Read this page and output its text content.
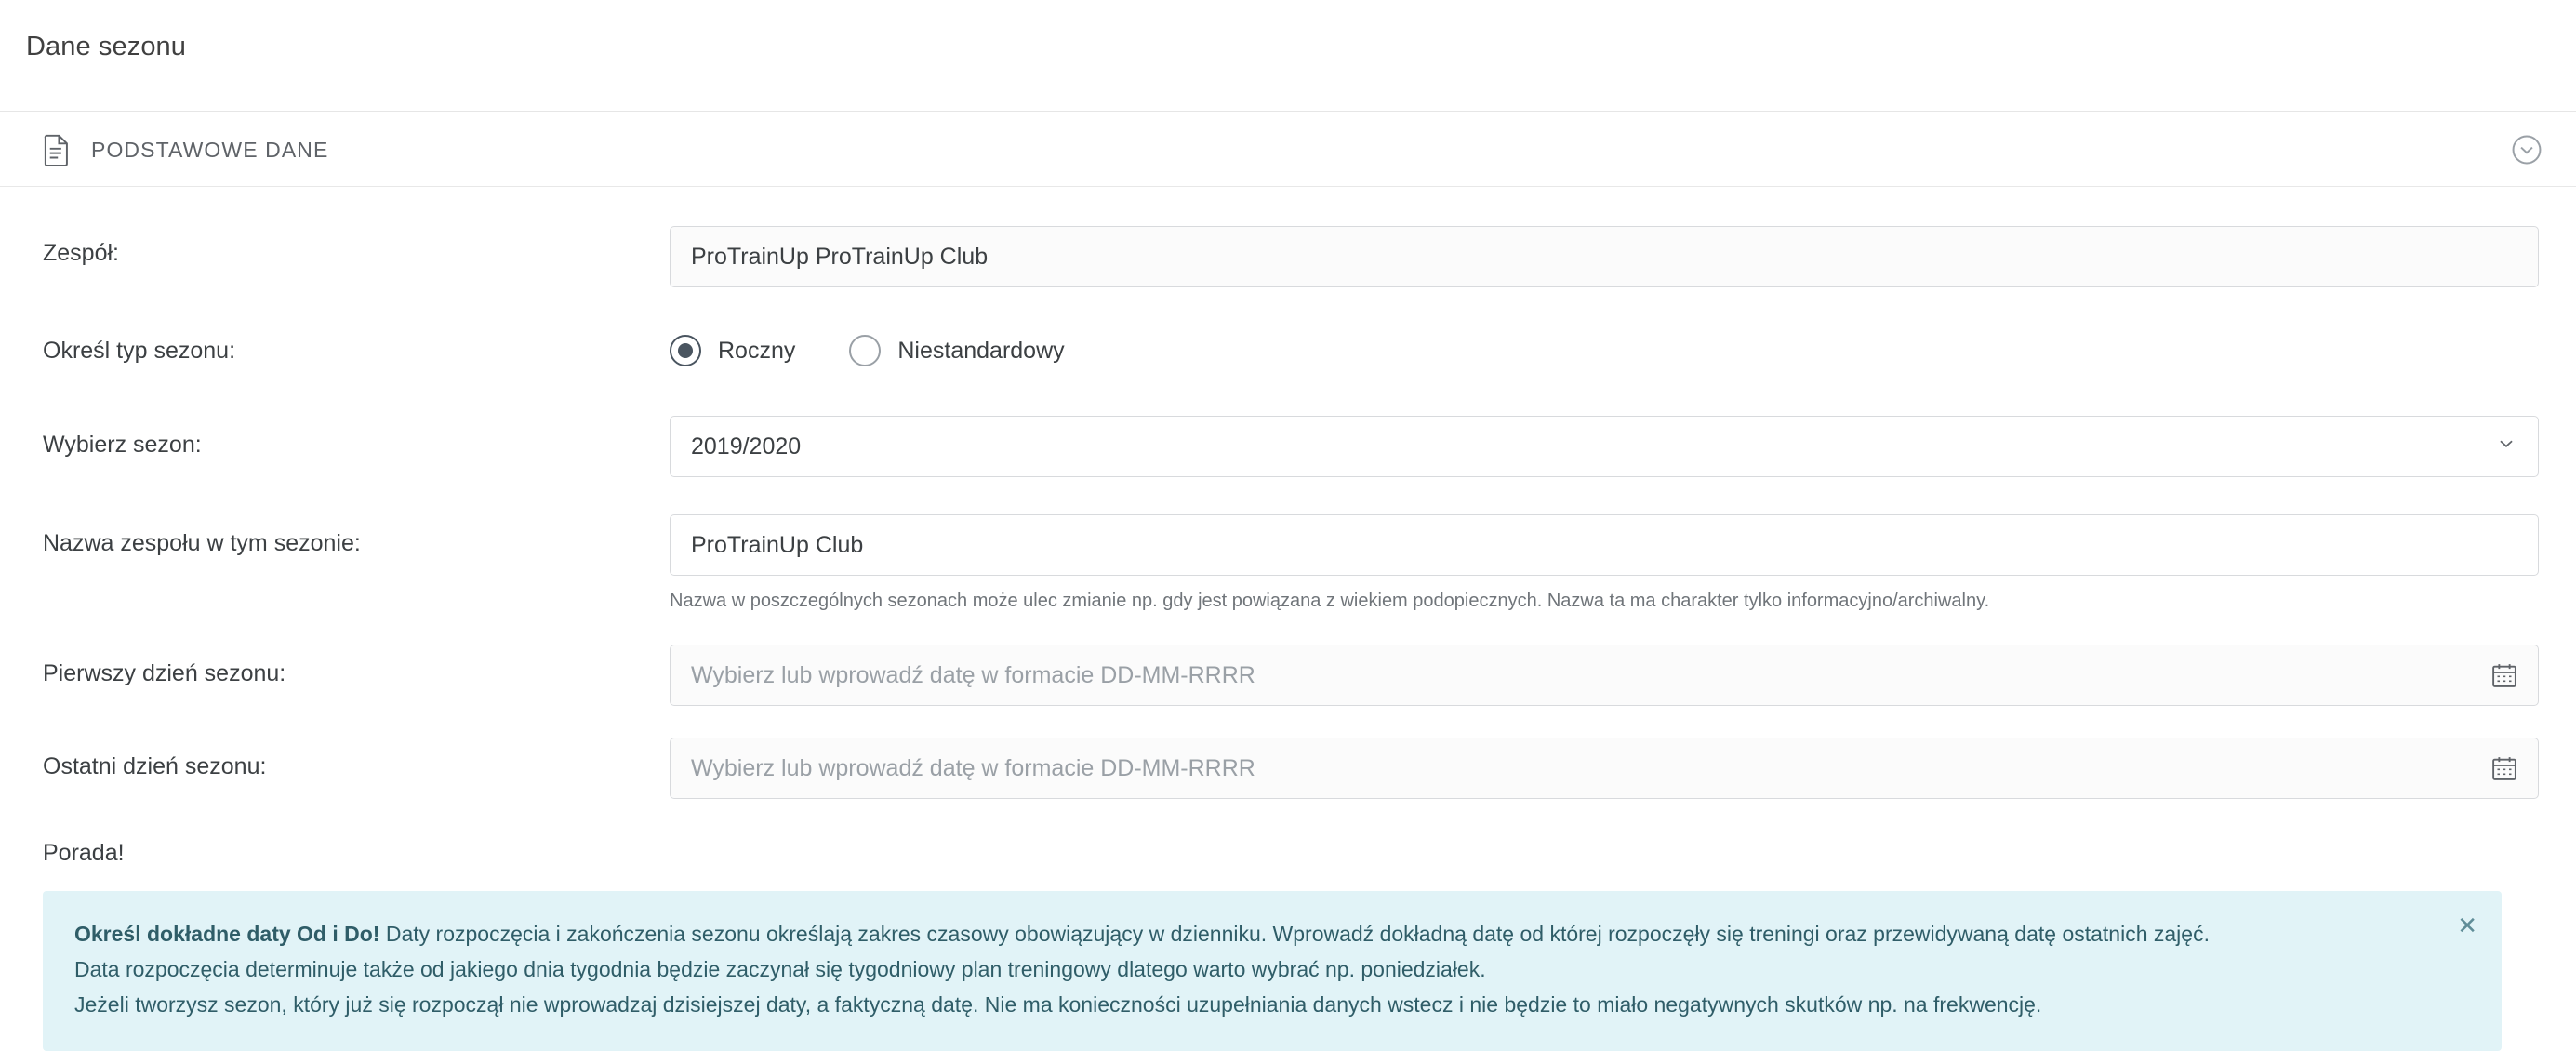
Dane sezonu
PODSTAWOWE DANE
Zespół:	ProTrainUp ProTrainUp Club
Określ typ sezonu:	Roczny	Niestandardowy
Wybierz sezon:	2019/2020
Nazwa zespołu w tym sezonie:	ProTrainUp Club
Nazwa w poszczególnych sezonach może ulec zmianie np. gdy jest powiązana z wiekiem podopiecznych. Nazwa ta ma charakter tylko informacyjno/archiwalny.
Pierwszy dzień sezonu:	Wybierz lub wprowadź datę w formacie DD-MM-RRRR
Ostatni dzień sezonu:	Wybierz lub wprowadź datę w formacie DD-MM-RRRR
Porada!
✕
Określ dokładne daty Od i Do! Daty rozpoczęcia i zakończenia sezonu określają zakres czasowy obowiązujący w dzienniku. Wprowadź dokładną datę od której rozpoczęły się treningi oraz przewidywaną datę ostatnich zajęć.
Data rozpoczęcia determinuje także od jakiego dnia tygodnia będzie zaczynał się tygodniowy plan treningowy dlatego warto wybrać np. poniedziałek.
Jeżeli tworzysz sezon, który już się rozpoczął nie wprowadzaj dzisiejszej daty, a faktyczną datę. Nie ma konieczności uzupełniania danych wstecz i nie będzie to miało negatywnych skutków np. na frekwencję.
